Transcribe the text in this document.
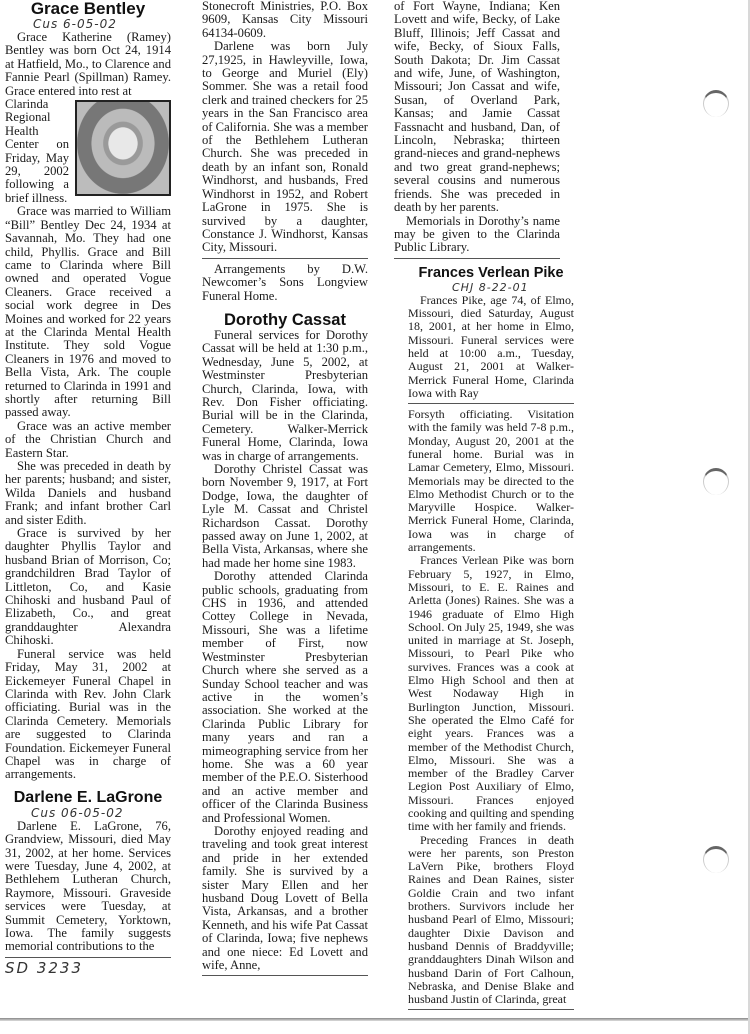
Grace Bentley
Cus 6-05-02

Grace Katherine (Ramey) Bentley was born Oct 24, 1914 at Hatfield, Mo., to Clarence and Fannie Pearl (Spillman) Ramey. Grace entered into rest at

Clarinda Regional Health Center on Friday, May 29, 2002 following a brief illness.

Grace was married to William “Bill” Bentley Dec 24, 1934 at Savannah, Mo. They had one child, Phyllis. Grace and Bill came to Clarinda where Bill owned and operated Vogue Cleaners. Grace received a social work degree in Des Moines and worked for 22 years at the Clarinda Mental Health Institute. They sold Vogue Cleaners in 1976 and moved to Bella Vista, Ark. The couple returned to Clarinda in 1991 and shortly after returning Bill passed away.

Grace was an active member of the Christian Church and Eastern Star.

She was preceded in death by her parents; husband; and sister, Wilda Daniels and husband Frank; and infant brother Carl and sister Edith.

Grace is survived by her daughter Phyllis Taylor and husband Brian of Morrison, Co; grandchildren Brad Taylor of Littleton, Co, and Kasie Chihoski and husband Paul of Elizabeth, Co., and great granddaughter Alexandra Chihoski.

Funeral service was held Friday, May 31, 2002 at Eickemeyer Funeral Chapel in Clarinda with Rev. John Clark officiating. Burial was in the Clarinda Cemetery. Memorials are suggested to Clarinda Foundation. Eickemeyer Funeral Chapel was in charge of arrangements.

Darlene E. LaGrone
Cus 06-05-02

Darlene E. LaGrone, 76, Grandview, Missouri, died May 31, 2002, at her home. Services were Tuesday, June 4, 2002, at Bethlehem Lutheran Church, Raymore, Missouri. Graveside services were Tuesday, at Summit Cemetery, Yorktown, Iowa. The family suggests memorial contributions to the

SD 3233

Stonecroft Ministries, P.O. Box 9609, Kansas City Missouri 64134-0609.

Darlene was born July 27,1925, in Hawleyville, Iowa, to George and Muriel (Ely) Sommer. She was a retail food clerk and trained checkers for 25 years in the San Francisco area of California. She was a member of the Bethlehem Lutheran Church. She was preceded in death by an infant son, Ronald Windhorst, and husbands, Fred Windhorst in 1952, and Robert LaGrone in 1975. She is survived by a daughter, Constance J. Windhorst, Kansas City, Missouri.

Arrangements by D.W. Newcomer’s Sons Longview Funeral Home.

Dorothy Cassat

Funeral services for Dorothy Cassat will be held at 1:30 p.m., Wednesday, June 5, 2002, at Westminster Presbyterian Church, Clarinda, Iowa, with Rev. Don Fisher officiating. Burial will be in the Clarinda, Cemetery. Walker-Merrick Funeral Home, Clarinda, Iowa was in charge of arrangements.

Dorothy Christel Cassat was born November 9, 1917, at Fort Dodge, Iowa, the daughter of Lyle M. Cassat and Christel Richardson Cassat. Dorothy passed away on June 1, 2002, at Bella Vista, Arkansas, where she had made her home sine 1983.

Dorothy attended Clarinda public schools, graduating from CHS in 1936, and attended Cottey College in Nevada, Missouri, She was a lifetime member of First, now Westminster Presbyterian Church where she served as a Sunday School teacher and was active in the women’s association. She worked at the Clarinda Public Library for many years and ran a mimeographing service from her home. She was a 60 year member of the P.E.O. Sisterhood and an active member and officer of the Clarinda Business and Professional Women.

Dorothy enjoyed reading and traveling and took great interest and pride in her extended family. She is survived by a sister Mary Ellen and her husband Doug Lovett of Bella Vista, Arkansas, and a brother Kenneth, and his wife Pat Cassat of Clarinda, Iowa; five nephews and one niece: Ed Lovett and wife, Anne,

of Fort Wayne, Indiana; Ken Lovett and wife, Becky, of Lake Bluff, Illinois; Jeff Cassat and wife, Becky, of Sioux Falls, South Dakota; Dr. Jim Cassat and wife, June, of Washington, Missouri; Jon Cassat and wife, Susan, of Overland Park, Kansas; and Jamie Cassat Fassnacht and husband, Dan, of Lincoln, Nebraska; thirteen grand-nieces and grand-nephews and two great grand-nephews; several cousins and numerous friends. She was preceded in death by her parents.

Memorials in Dorothy’s name may be given to the Clarinda Public Library.

Frances Verlean Pike
CHJ 8-22-01

Frances Pike, age 74, of Elmo, Missouri, died Saturday, August 18, 2001, at her home in Elmo, Missouri. Funeral services were held at 10:00 a.m., Tuesday, August 21, 2001 at Walker-Merrick Funeral Home, Clarinda Iowa with Ray

Forsyth officiating. Visitation with the family was held 7-8 p.m., Monday, August 20, 2001 at the funeral home. Burial was in Lamar Cemetery, Elmo, Missouri. Memorials may be directed to the Elmo Methodist Church or to the Maryville Hospice. Walker-Merrick Funeral Home, Clarinda, Iowa was in charge of arrangements.

Frances Verlean Pike was born February 5, 1927, in Elmo, Missouri, to E. E. Raines and Arletta (Jones) Raines. She was a 1946 graduate of Elmo High School. On July 25, 1949, she was united in marriage at St. Joseph, Missouri, to Pearl Pike who survives. Frances was a cook at Elmo High School and then at West Nodaway High in Burlington Junction, Missouri. She operated the Elmo Café for eight years. Frances was a member of the Methodist Church, Elmo, Missouri. She was a member of the Bradley Carver Legion Post Auxiliary of Elmo, Missouri. Frances enjoyed cooking and quilting and spending time with her family and friends.

Preceding Frances in death were her parents, son Preston LaVern Pike, brothers Floyd Raines and Dean Raines, sister Goldie Crain and two infant brothers. Survivors include her husband Pearl of Elmo, Missouri; daughter Dixie Davison and husband Dennis of Braddyville; granddaughters Dinah Wilson and husband Darin of Fort Calhoun, Nebraska, and Denise Blake and husband Justin of Clarinda, great
